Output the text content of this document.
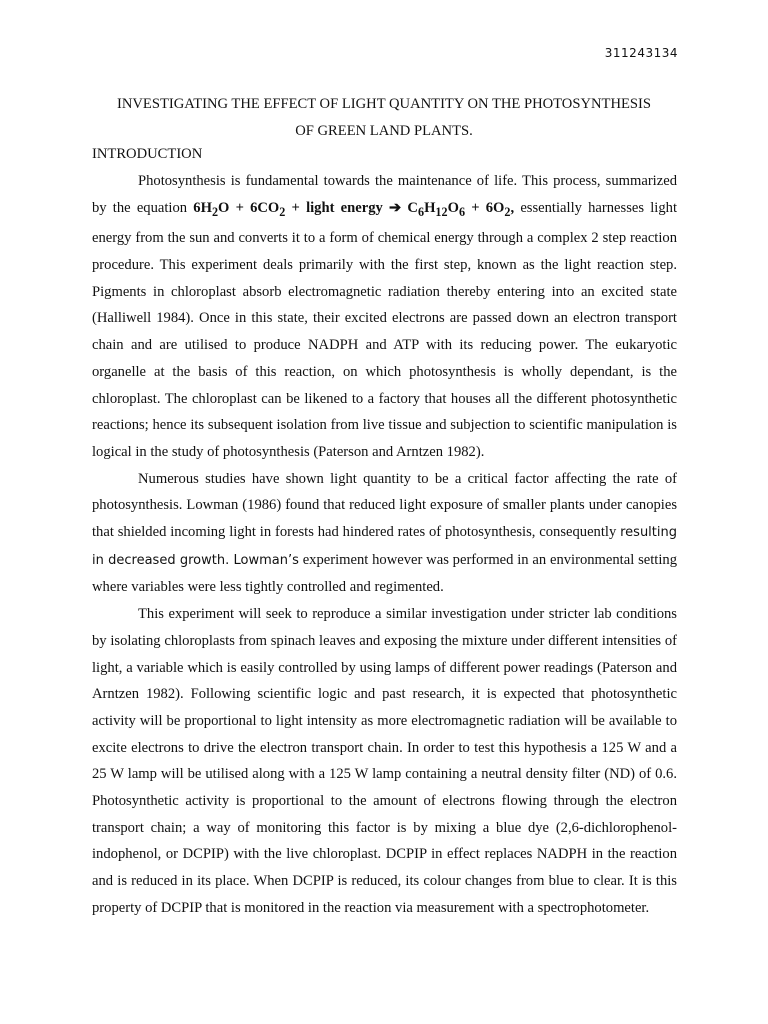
311243134
INVESTIGATING THE EFFECT OF LIGHT QUANTITY ON THE PHOTOSYNTHESIS
OF GREEN LAND PLANTS.
INTRODUCTION

Photosynthesis is fundamental towards the maintenance of life. This process, summarized by the equation $6H_2O + 6CO_2$ + light energy ➔ $C_6H_{12}O_6 + 6O_2$, essentially harnesses light energy from the sun and converts it to a form of chemical energy through a complex 2 step reaction procedure. This experiment deals primarily with the first step, known as the light reaction step. Pigments in chloroplast absorb electromagnetic radiation thereby entering into an excited state (Halliwell 1984). Once in this state, their excited electrons are passed down an electron transport chain and are utilised to produce NADPH and ATP with its reducing power. The eukaryotic organelle at the basis of this reaction, on which photosynthesis is wholly dependant, is the chloroplast. The chloroplast can be likened to a factory that houses all the different photosynthetic reactions; hence its subsequent isolation from live tissue and subjection to scientific manipulation is logical in the study of photosynthesis (Paterson and Arntzen 1982).

Numerous studies have shown light quantity to be a critical factor affecting the rate of photosynthesis. Lowman (1986) found that reduced light exposure of smaller plants under canopies that shielded incoming light in forests had hindered rates of photosynthesis, consequently resulting in decreased growth. Lowman’s experiment however was performed in an environmental setting where variables were less tightly controlled and regimented.

This experiment will seek to reproduce a similar investigation under stricter lab conditions by isolating chloroplasts from spinach leaves and exposing the mixture under different intensities of light, a variable which is easily controlled by using lamps of different power readings (Paterson and Arntzen 1982). Following scientific logic and past research, it is expected that photosynthetic activity will be proportional to light intensity as more electromagnetic radiation will be available to excite electrons to drive the electron transport chain. In order to test this hypothesis a 125 W and a 25 W lamp will be utilised along with a 125 W lamp containing a neutral density filter (ND) of 0.6. Photosynthetic activity is proportional to the amount of electrons flowing through the electron transport chain; a way of monitoring this factor is by mixing a blue dye (2,6-dichlorophenol-indophenol, or DCPIP) with the live chloroplast. DCPIP in effect replaces NADPH in the reaction and is reduced in its place. When DCPIP is reduced, its colour changes from blue to clear. It is this property of DCPIP that is monitored in the reaction via measurement with a spectrophotometer.
